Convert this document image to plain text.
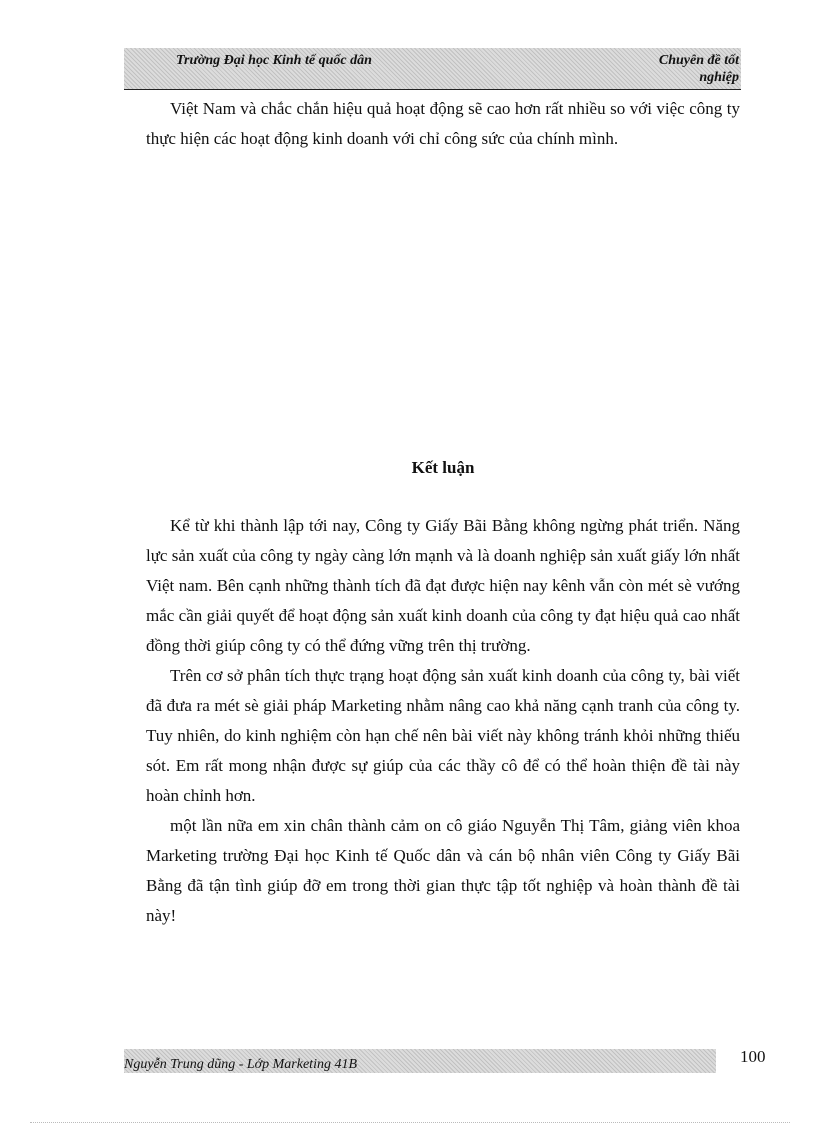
Trường Đại học Kinh tế quốc dân	Chuyên đề tốt nghiệp

Việt Nam và chắc chắn hiệu quả hoạt động sẽ cao hơn rất nhiều so với việc công ty thực hiện các hoạt động kinh doanh với chỉ công sức của chính mình.

Kết luận

Kể từ khi thành lập tới nay, Công ty Giấy Bãi Bằng không ngừng phát triển. Năng lực sản xuất của công ty ngày càng lớn mạnh và là doanh nghiệp sản xuất giấy lớn nhất Việt nam. Bên cạnh những thành tích đã đạt được hiện nay kênh vẫn còn mét sè vướng mắc cần giải quyết để hoạt động sản xuất kinh doanh của công ty đạt hiệu quả cao nhất đồng thời giúp công ty có thể đứng vững trên thị trường.

Trên cơ sở phân tích thực trạng hoạt động sản xuất kinh doanh của công ty, bài viết đã đưa ra mét sè giải pháp Marketing nhằm nâng cao khả năng cạnh tranh của công ty. Tuy nhiên, do kinh nghiệm còn hạn chế nên bài viết này không tránh khỏi những thiếu sót. Em rất mong nhận được sự giúp của các thầy cô để có thể hoàn thiện đề tài này hoàn chỉnh hơn.

một lần nữa em xin chân thành cảm on cô giáo Nguyễn Thị Tâm, giảng viên khoa Marketing trường Đại học Kinh tế Quốc dân và cán bộ nhân viên Công ty Giấy Bãi Bằng đã tận tình giúp đỡ em trong thời gian thực tập tốt nghiệp và hoàn thành đề tài này!

Nguyễn Trung dũng - Lớp Marketing 41B	100
